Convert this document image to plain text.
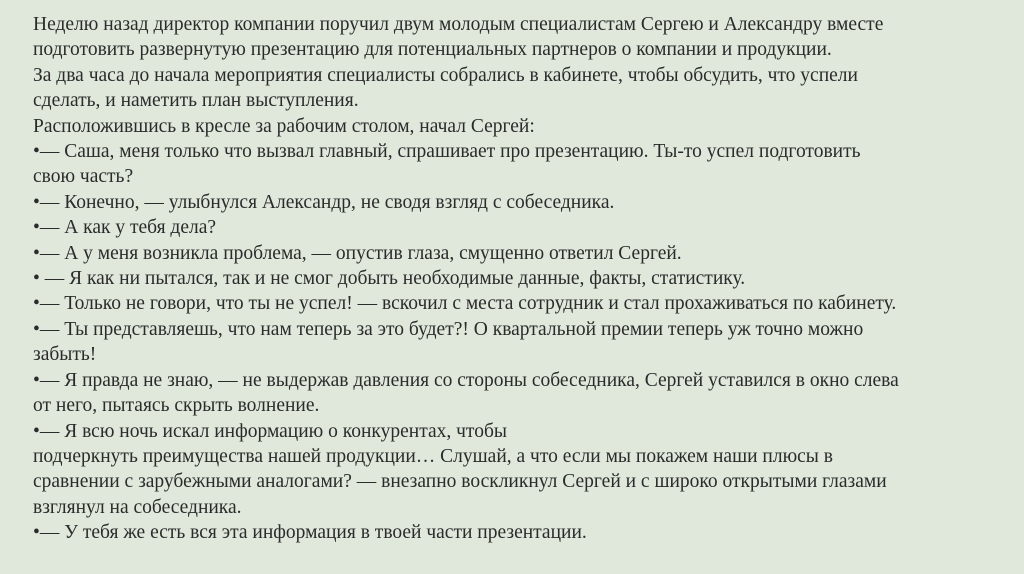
Неделю назад директор компании поручил двум молодым специалистам Сергею и Александру вместе
подготовить развернутую презентацию для потенциальных партнеров о компании и продукции.
За два часа до начала мероприятия специалисты собрались в кабинете, чтобы обсудить, что успели
сделать, и наметить план выступления.
Расположившись в кресле за рабочим столом, начал Сергей:
•— Саша, меня только что вызвал главный, спрашивает про презентацию. Ты-то успел подготовить
свою часть?
•— Конечно, — улыбнулся Александр, не сводя взгляд с собеседника.
•— А как у тебя дела?
•— А у меня возникла проблема, — опустив глаза, смущенно ответил Сергей.
• — Я как ни пытался, так и не смог добыть необходимые данные, факты, статистику.
•— Только не говори, что ты не успел! — вскочил с места сотрудник и стал прохаживаться по кабинету.
•— Ты представляешь, что нам теперь за это будет?! О квартальной премии теперь уж точно можно
забыть!
•— Я правда не знаю, — не выдержав давления со стороны собеседника, Сергей уставился в окно слева
от него, пытаясь скрыть волнение.
•— Я всю ночь искал информацию о конкурентах, чтобы
подчеркнуть преимущества нашей продукции… Слушай, а что если мы покажем наши плюсы в
сравнении с зарубежными аналогами? — внезапно воскликнул Сергей и с широко открытыми глазами
взглянул на собеседника.
•— У тебя же есть вся эта информация в твоей части презентации.
